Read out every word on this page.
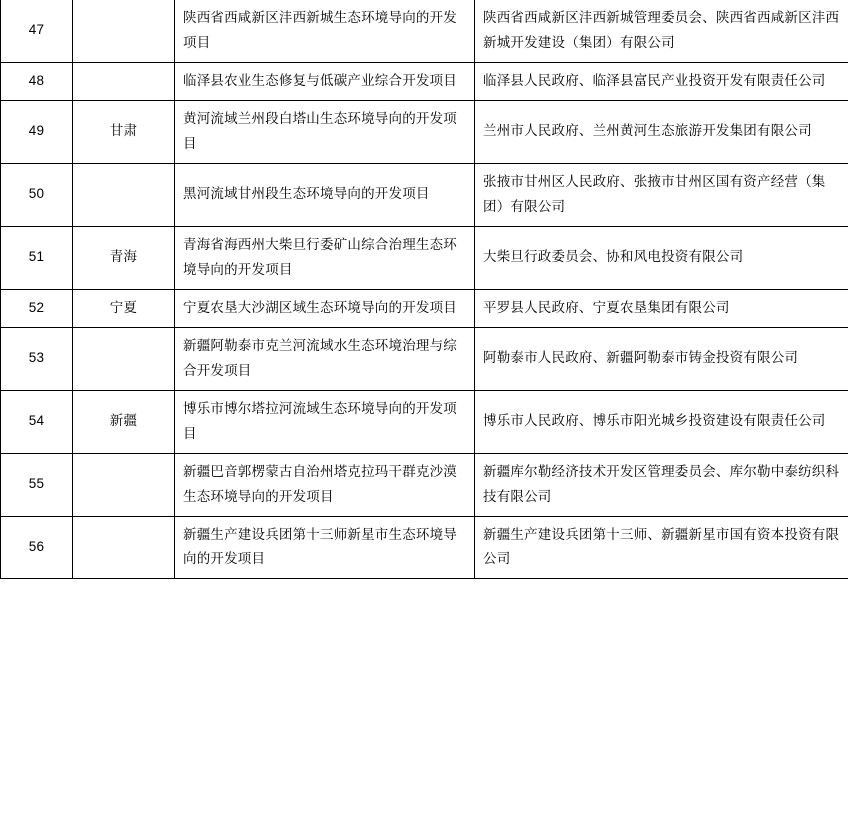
47		陕西省西咸新区沣西新城生态环境导向的开发项目	陕西省西咸新区沣西新城管理委员会、陕西省西咸新区沣西新城开发建设（集团）有限公司

48		临泽县农业生态修复与低碳产业综合开发项目	临泽县人民政府、临泽县富民产业投资开发有限责任公司

49	甘肃	黄河流域兰州段白塔山生态环境导向的开发项目	兰州市人民政府、兰州黄河生态旅游开发集团有限公司

50		黑河流域甘州段生态环境导向的开发项目	张掖市甘州区人民政府、张掖市甘州区国有资产经营（集团）有限公司

51	青海	青海省海西州大柴旦行委矿山综合治理生态环境导向的开发项目	大柴旦行政委员会、协和风电投资有限公司

52	宁夏	宁夏农垦大沙湖区域生态环境导向的开发项目	平罗县人民政府、宁夏农垦集团有限公司

53		新疆阿勒泰市克兰河流域水生态环境治理与综合开发项目	阿勒泰市人民政府、新疆阿勒泰市铸金投资有限公司

54	新疆	博乐市博尔塔拉河流域生态环境导向的开发项目	博乐市人民政府、博乐市阳光城乡投资建设有限责任公司

55		新疆巴音郭楞蒙古自治州塔克拉玛干群克沙漠生态环境导向的开发项目	新疆库尔勒经济技术开发区管理委员会、库尔勒中泰纺织科技有限公司

56		新疆生产建设兵团第十三师新星市生态环境导向的开发项目	新疆生产建设兵团第十三师、新疆新星市国有资本投资有限公司
